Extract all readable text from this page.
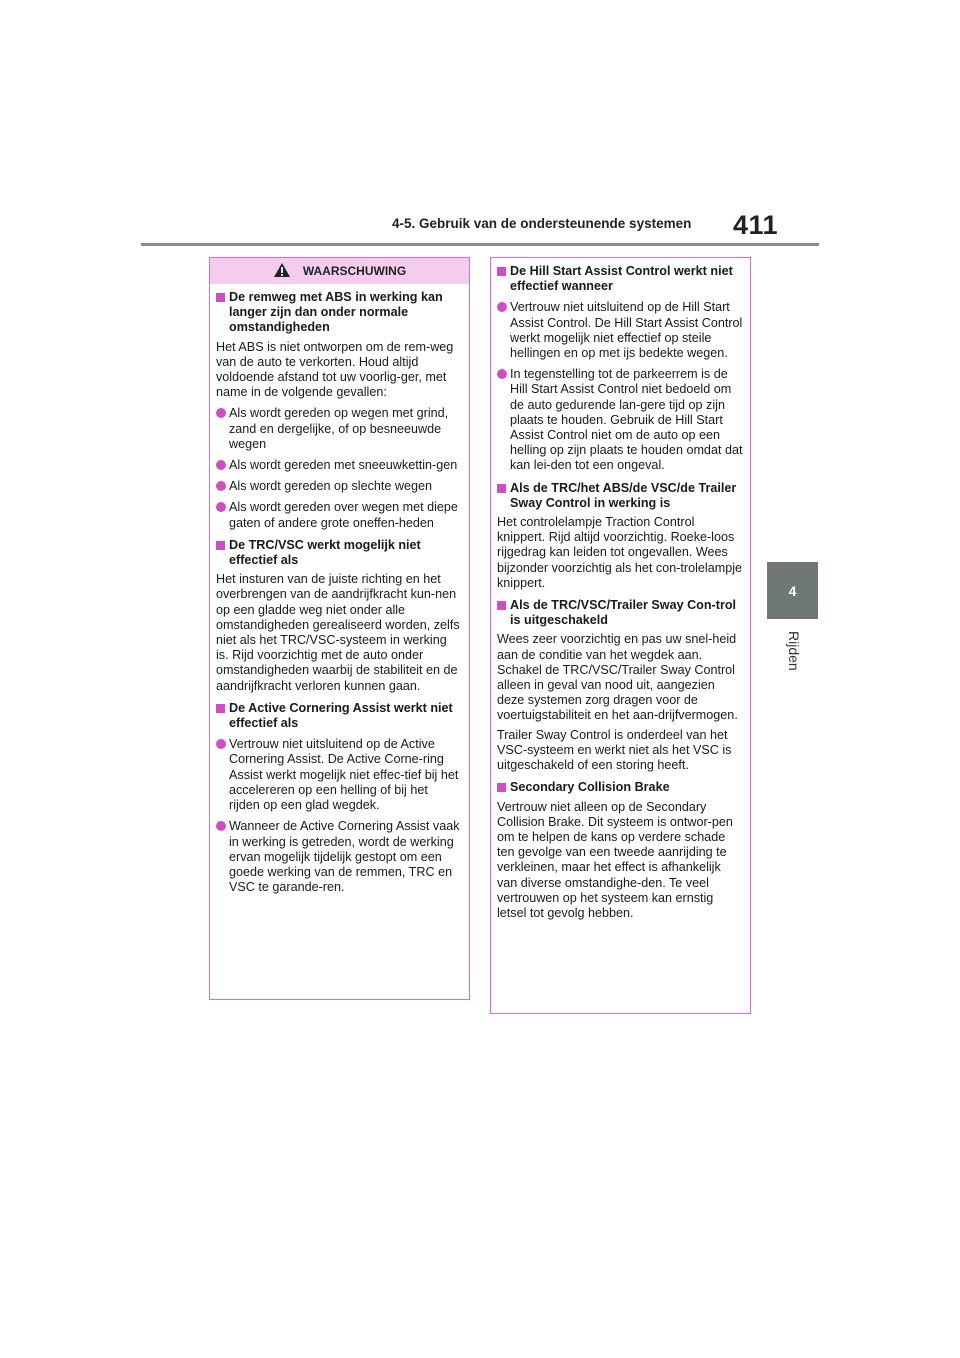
4-5. Gebruik van de ondersteunende systemen 411
4
Rijden
WAARSCHUWING
De remweg met ABS in werking kan langer zijn dan onder normale omstandigheden
Het ABS is niet ontworpen om de rem-weg van de auto te verkorten. Houd altijd voldoende afstand tot uw voorlig-ger, met name in de volgende gevallen:
Als wordt gereden op wegen met grind, zand en dergelijke, of op besneeuwde wegen
Als wordt gereden met sneeuwkettin-gen
Als wordt gereden op slechte wegen
Als wordt gereden over wegen met diepe gaten of andere grote oneffen-heden
De TRC/VSC werkt mogelijk niet effectief als
Het insturen van de juiste richting en het overbrengen van de aandrijfkracht kun-nen op een gladde weg niet onder alle omstandigheden gerealiseerd worden, zelfs niet als het TRC/VSC-systeem in werking is. Rijd voorzichtig met de auto onder omstandigheden waarbij de stabiliteit en de aandrijfkracht verloren kunnen gaan.
De Active Cornering Assist werkt niet effectief als
Vertrouw niet uitsluitend op de Active Cornering Assist. De Active Corne-ring Assist werkt mogelijk niet effec-tief bij het accelereren op een helling of bij het rijden op een glad wegdek.
Wanneer de Active Cornering Assist vaak in werking is getreden, wordt de werking ervan mogelijk tijdelijk gestopt om een goede werking van de remmen, TRC en VSC te garande-ren.
De Hill Start Assist Control werkt niet effectief wanneer
Vertrouw niet uitsluitend op de Hill Start Assist Control. De Hill Start Assist Control werkt mogelijk niet effectief op steile hellingen en op met ijs bedekte wegen.
In tegenstelling tot de parkeerrem is de Hill Start Assist Control niet bedoeld om de auto gedurende lan-gere tijd op zijn plaats te houden. Gebruik de Hill Start Assist Control niet om de auto op een helling op zijn plaats te houden omdat dat kan lei-den tot een ongeval.
Als de TRC/het ABS/de VSC/de Trailer Sway Control in werking is
Het controlelampje Traction Control knippert. Rijd altijd voorzichtig. Roeke-loos rijgedrag kan leiden tot ongevallen. Wees bijzonder voorzichtig als het con-trolelampje knippert.
Als de TRC/VSC/Trailer Sway Con-trol is uitgeschakeld
Wees zeer voorzichtig en pas uw snel-heid aan de conditie van het wegdek aan. Schakel de TRC/VSC/Trailer Sway Control alleen in geval van nood uit, aangezien deze systemen zorg dragen voor de voertuigstabiliteit en het aan-drijfvermogen.
Trailer Sway Control is onderdeel van het VSC-systeem en werkt niet als het VSC is uitgeschakeld of een storing heeft.
Secondary Collision Brake
Vertrouw niet alleen op de Secondary Collision Brake. Dit systeem is ontwor-pen om te helpen de kans op verdere schade ten gevolge van een tweede aanrijding te verkleinen, maar het effect is afhankelijk van diverse omstandighe-den. Te veel vertrouwen op het systeem kan ernstig letsel tot gevolg hebben.
